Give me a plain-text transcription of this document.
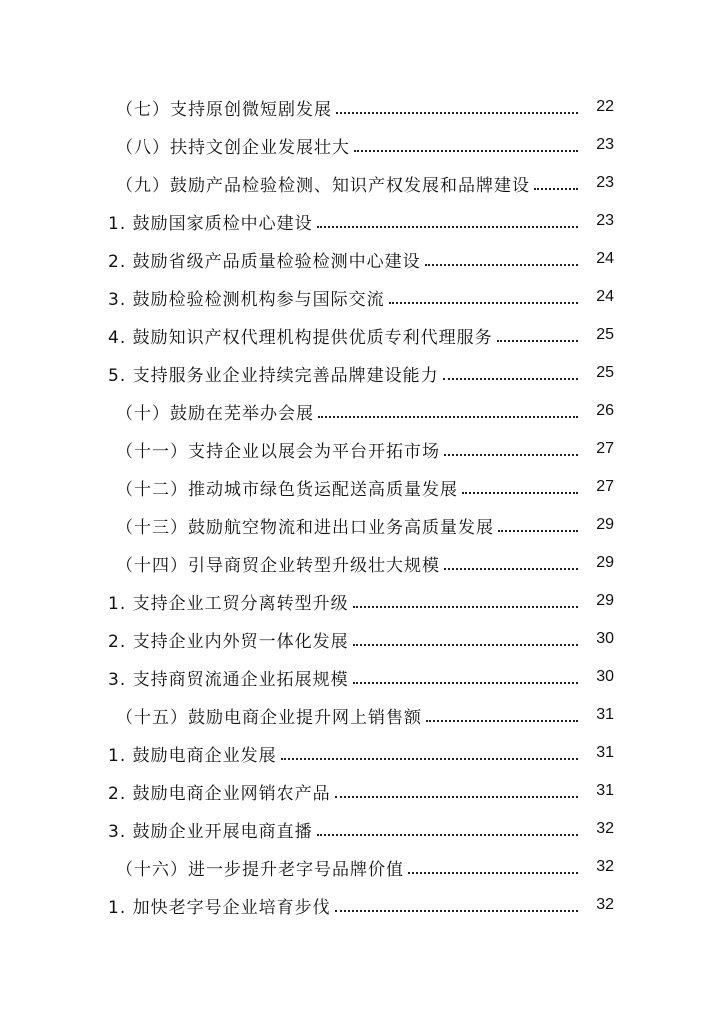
（七）支持原创微短剧发展	22
（八）扶持文创企业发展壮大	23
（九）鼓励产品检验检测、知识产权发展和品牌建设	23
1. 鼓励国家质检中心建设	23
2. 鼓励省级产品质量检验检测中心建设	24
3. 鼓励检验检测机构参与国际交流	24
4. 鼓励知识产权代理机构提供优质专利代理服务	25
5. 支持服务业企业持续完善品牌建设能力	25
（十）鼓励在芜举办会展	26
（十一）支持企业以展会为平台开拓市场	27
（十二）推动城市绿色货运配送高质量发展	27
（十三）鼓励航空物流和进出口业务高质量发展	29
（十四）引导商贸企业转型升级壮大规模	29
1. 支持企业工贸分离转型升级	29
2. 支持企业内外贸一体化发展	30
3. 支持商贸流通企业拓展规模	30
（十五）鼓励电商企业提升网上销售额	31
1. 鼓励电商企业发展	31
2. 鼓励电商企业网销农产品	31
3. 鼓励企业开展电商直播	32
（十六）进一步提升老字号品牌价值	32
1. 加快老字号企业培育步伐	32
